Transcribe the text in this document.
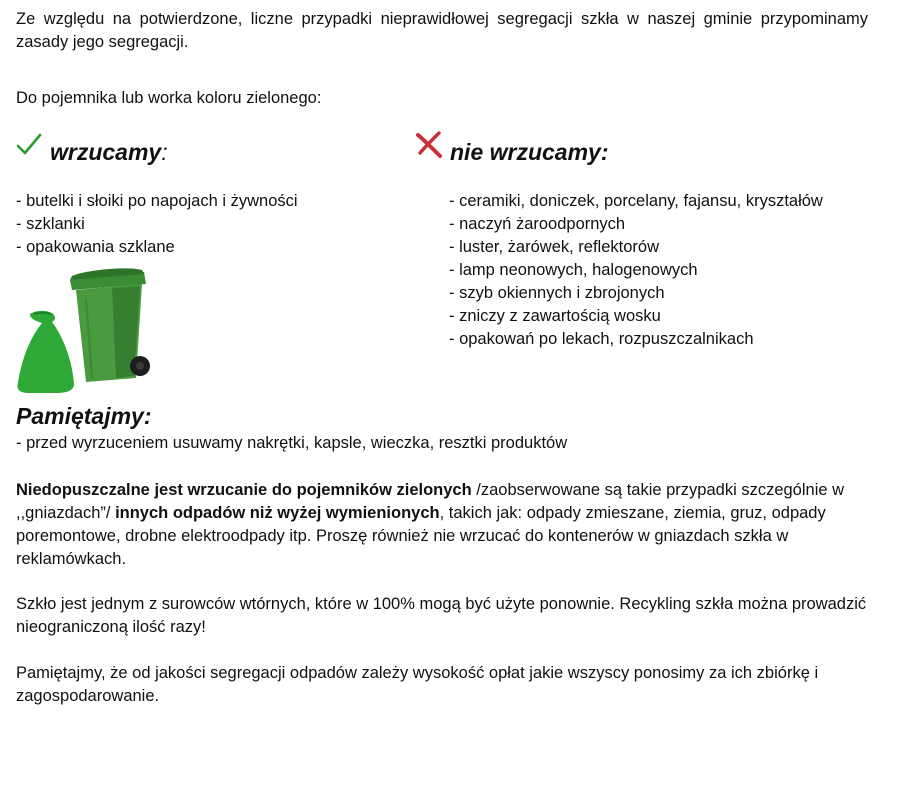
Ze względu na potwierdzone, liczne przypadki nieprawidłowej segregacji szkła w naszej gminie przypominamy zasady jego segregacji.

Do pojemnika lub worka koloru zielonego:

wrzucamy:
- butelki i słoiki po napojach i żywności
- szklanki
- opakowania szklane
nie wrzucamy:
- ceramiki, doniczek, porcelany, fajansu, kryształów
- naczyń żaroodpornych
- luster, żarówek, reflektorów
- lamp neonowych, halogenowych
- szyb okiennych i zbrojonych
- zniczy z zawartością wosku
- opakowań po lekach, rozpuszczalnikach
Pamiętajmy:

- przed wyrzuceniem usuwamy nakrętki, kapsle, wieczka, resztki produktów

Niedopuszczalne jest wrzucanie do pojemników zielonych /zaobserwowane są takie przypadki szczególnie w ,,gniazdach”/ innych odpadów niż wyżej wymienionych, takich jak: odpady zmieszane, ziemia, gruz, odpady poremontowe, drobne elektroodpady itp. Proszę również nie wrzucać do kontenerów w gniazdach szkła w reklamówkach.

Szkło jest jednym z surowców wtórnych, które w 100% mogą być użyte ponownie. Recykling szkła można prowadzić nieograniczoną ilość razy!

Pamiętajmy, że od jakości segregacji odpadów zależy wysokość opłat jakie wszyscy ponosimy za ich zbiórkę i zagospodarowanie.
